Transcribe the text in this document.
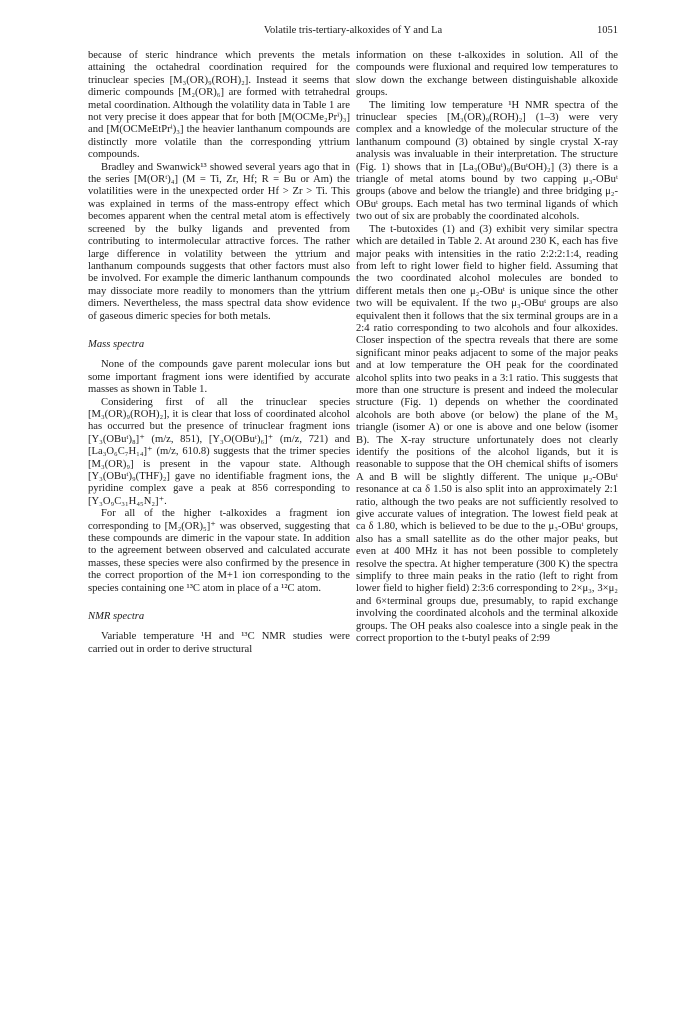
Volatile tris-tertiary-alkoxides of Y and La	1051

because of steric hindrance which prevents the metals attaining the octahedral coordination required for the trinuclear species [M₃(OR)₉(ROH)₂]. Instead it seems that dimeric compounds [M₂(OR)₆] are formed with tetrahedral metal coordination. Although the volatility data in Table 1 are not very precise it does appear that for both [M(OCMe₂Prⁱ)₃] and [M(OCMeEtPrⁱ)₃] the heavier lanthanum compounds are distinctly more volatile than the corresponding yttrium compounds.

Bradley and Swanwick¹³ showed several years ago that in the series [M(ORᵗ)₄] (M = Ti, Zr, Hf; R = Bu or Am) the volatilities were in the unexpected order Hf > Zr > Ti. This was explained in terms of the mass-entropy effect which becomes apparent when the central metal atom is effectively screened by the bulky ligands and prevented from contributing to intermolecular attractive forces. The rather large difference in volatility between the yttrium and lanthanum compounds suggests that other factors must also be involved. For example the dimeric lanthanum compounds may dissociate more readily to monomers than the yttrium dimers. Nevertheless, the mass spectral data show evidence of gaseous dimeric species for both metals.

Mass spectra

None of the compounds gave parent molecular ions but some important fragment ions were identified by accurate masses as shown in Table 1.

Considering first of all the trinuclear species [M₃(OR)₉(ROH)₂], it is clear that loss of coordinated alcohol has occurred but the presence of trinuclear fragment ions [Y₃(OBuᵗ)₈]⁺ (m/z, 851), [Y₃O(OBuᵗ)₆]⁺ (m/z, 721) and [La₃O₆C₇H₁₄]⁺ (m/z, 610.8) suggests that the trimer species [M₃(OR)₉] is present in the vapour state. Although [Y₃(OBuᵗ)₉(THF)₂] gave no identifiable fragment ions, the pyridine complex gave a peak at 856 corresponding to [Y₃O₉C₃₁H₄₅N₂]⁺.

For all of the higher t-alkoxides a fragment ion corresponding to [M₂(OR)₅]⁺ was observed, suggesting that these compounds are dimeric in the vapour state. In addition to the agreement between observed and calculated accurate masses, these species were also confirmed by the presence in the correct proportion of the M+1 ion corresponding to the species containing one ¹³C atom in place of a ¹²C atom.

NMR spectra

Variable temperature ¹H and ¹³C NMR studies were carried out in order to derive structural

information on these t-alkoxides in solution. All of the compounds were fluxional and required low temperatures to slow down the exchange between distinguishable alkoxide groups.

The limiting low temperature ¹H NMR spectra of the trinuclear species [M₃(OR)₉(ROH)₂] (1–3) were very complex and a knowledge of the molecular structure of the lanthanum compound (3) obtained by single crystal X-ray analysis was invaluable in their interpretation. The structure (Fig. 1) shows that in [La₃(OBuᵗ)₉(BuᵗOH)₂] (3) there is a triangle of metal atoms bound by two capping μ₃-OBuᵗ groups (above and below the triangle) and three bridging μ₂-OBuᵗ groups. Each metal has two terminal ligands of which two out of six are probably the coordinated alcohols.

The t-butoxides (1) and (3) exhibit very similar spectra which are detailed in Table 2. At around 230 K, each has five major peaks with intensities in the ratio 2:2:2:1:4, reading from left to right lower field to higher field. Assuming that the two coordinated alcohol molecules are bonded to different metals then one μ₂-OBuᵗ is unique since the other two will be equivalent. If the two μ₃-OBuᵗ groups are also equivalent then it follows that the six terminal groups are in a 2:4 ratio corresponding to two alcohols and four alkoxides. Closer inspection of the spectra reveals that there are some significant minor peaks adjacent to some of the major peaks and at low temperature the OH peak for the coordinated alcohol splits into two peaks in a 3:1 ratio. This suggests that more than one structure is present and indeed the molecular structure (Fig. 1) depends on whether the coordinated alcohols are both above (or below) the plane of the M₃ triangle (isomer A) or one is above and one below (isomer B). The X-ray structure unfortunately does not clearly identify the positions of the alcohol ligands, but it is reasonable to suppose that the OH chemical shifts of isomers A and B will be slightly different. The unique μ₂-OBuᵗ resonance at ca δ 1.50 is also split into an approximately 2:1 ratio, although the two peaks are not sufficiently resolved to give accurate values of integration. The lowest field peak at ca δ 1.80, which is believed to be due to the μ₃-OBuᵗ groups, also has a small satellite as do the other major peaks, but even at 400 MHz it has not been possible to completely resolve the spectra. At higher temperature (300 K) the spectra simplify to three main peaks in the ratio (left to right from lower field to higher field) 2:3:6 corresponding to 2×μ₃, 3×μ₂ and 6×terminal groups due, presumably, to rapid exchange involving the coordinated alcohols and the terminal alkoxide groups. The OH peaks also coalesce into a single peak in the correct proportion to the t-butyl peaks of 2:99
